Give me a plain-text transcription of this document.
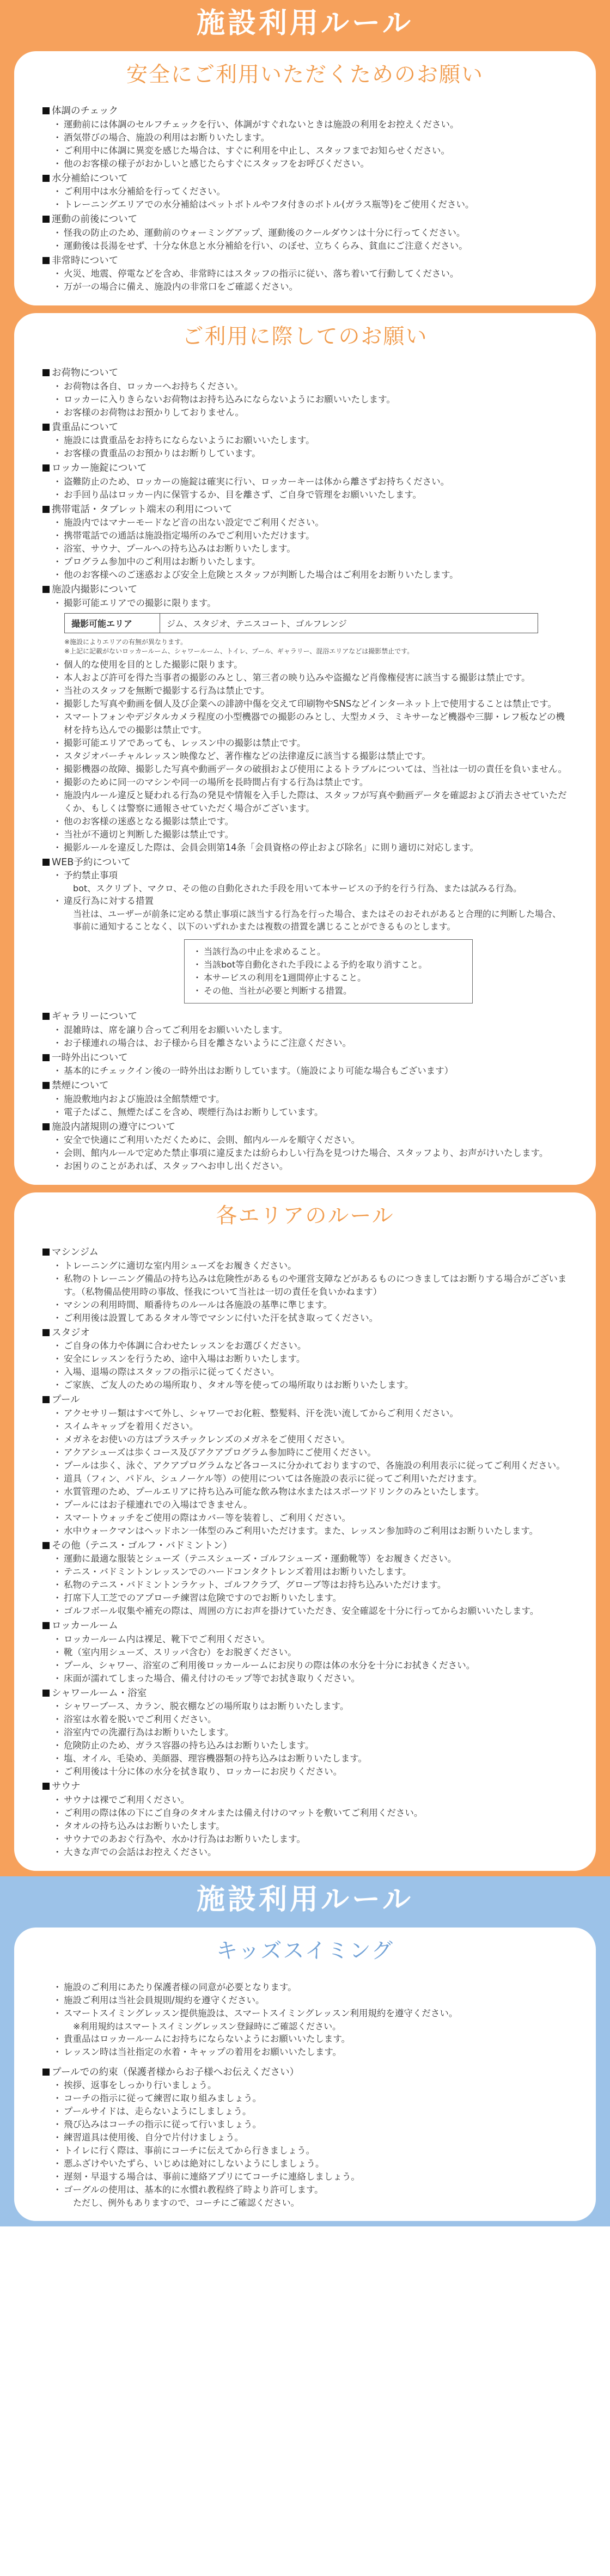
施設利用ルール
安全にご利用いただくためのお願い

体調のチェック

・ 運動前には体調のセルフチェックを行い、体調がすぐれないときは施設の利用をお控えください。
・ 酒気帯びの場合、施設の利用はお断りいたします。
・ ご利用中に体調に異変を感じた場合は、すぐに利用を中止し、スタッフまでお知らせください。
・ 他のお客様の様子がおかしいと感じたらすぐにスタッフをお呼びください。

水分補給について

・ ご利用中は水分補給を行ってください。
・ トレーニングエリアでの水分補給はペットボトルやフタ付きのボトル(ガラス瓶等)をご使用ください。

運動の前後について

・ 怪我の防止のため、運動前のウォーミングアップ、運動後のクールダウンは十分に行ってください。
・ 運動後は長湯をせず、十分な休息と水分補給を行い、のぼせ、立ちくらみ、貧血にご注意ください。

非常時について

・ 火災、地震、停電などを含め、非常時にはスタッフの指示に従い、落ち着いて行動してください。
・ 万が一の場合に備え、施設内の非常口をご確認ください。
ご利用に際してのお願い

お荷物について

・ お荷物は各自、ロッカーへお持ちください。
・ ロッカーに入りきらないお荷物はお持ち込みにならないようにお願いいたします。
・ お客様のお荷物はお預かりしておりません。

貴重品について

・ 施設には貴重品をお持ちにならないようにお願いいたします。
・ お客様の貴重品のお預かりはお断りしています。

ロッカー施錠について

・ 盗難防止のため、ロッカーの施錠は確実に行い、ロッカーキーは体から離さずお持ちください。
・ お手回り品はロッカー内に保管するか、目を離さず、ご自身で管理をお願いいたします。

携帯電話・タブレット端末の利用について

・ 施設内ではマナーモードなど音の出ない設定でご利用ください。
・ 携帯電話での通話は施設指定場所のみでご利用いただけます。
・ 浴室、サウナ、プールへの持ち込みはお断りいたします。
・ プログラム参加中のご利用はお断りいたします。
・ 他のお客様へのご迷惑および安全上危険とスタッフが判断した場合はご利用をお断りいたします。

施設内撮影について

・ 撮影可能エリアでの撮影に限ります。
撮影可能エリア	ジム、スタジオ、テニスコート、ゴルフレンジ
※施設によりエリアの有無が異なります。
※上記に記載がないロッカールーム、シャワールーム、トイレ、プール、ギャラリー、混浴エリアなどは撮影禁止です。
・ 個人的な使用を目的とした撮影に限ります。
・ 本人および許可を得た当事者の撮影のみとし、第三者の映り込みや盗撮など肖像権侵害に該当する撮影は禁止です。
・ 当社のスタッフを無断で撮影する行為は禁止です。
・ 撮影した写真や動画を個人及び企業への誹謗中傷を交えて印刷物やSNSなどインターネット上で使用することは禁止です。
・ スマートフォンやデジタルカメラ程度の小型機器での撮影のみとし、大型カメラ、ミキサーなど機器や三脚・レフ板などの機材を持ち込んでの撮影は禁止です。
・ 撮影可能エリアであっても、レッスン中の撮影は禁止です。
・ スタジオバーチャルレッスン映像など、著作権などの法律違反に該当する撮影は禁止です。
・ 撮影機器の故障、撮影した写真や動画データの破損および使用によるトラブルについては、当社は一切の責任を負いません。
・ 撮影のために同一のマシンや同一の場所を長時間占有する行為は禁止です。
・ 施設内ルール違反と疑われる行為の発見や情報を入手した際は、スタッフが写真や動画データを確認および消去させていただくか、もしくは警察に通報させていただく場合がございます。
・ 他のお客様の迷惑となる撮影は禁止です。
・ 当社が不適切と判断した撮影は禁止です。
・ 撮影ルールを違反した際は、会員会則第14条「会員資格の停止および除名」に則り適切に対応します。

WEB予約について

・ 予約禁止事項
bot、スクリプト、マクロ、その他の自動化された手段を用いて本サービスの予約を行う行為、または試みる行為。
・ 違反行為に対する措置
当社は、ユーザーが前条に定める禁止事項に該当する行為を行った場合、またはそのおそれがあると合理的に判断した場合、事前に通知することなく、以下のいずれかまたは複数の措置を講じることができるものとします。
・ 当該行為の中止を求めること。
・ 当該bot等自動化された手段による予約を取り消すこと。
・ 本サービスの利用を1週間停止すること。
・ その他、当社が必要と判断する措置。

ギャラリーについて

・ 混雑時は、席を譲り合ってご利用をお願いいたします。
・ お子様連れの場合は、お子様から目を離さないようにご注意ください。

一時外出について

・ 基本的にチェックイン後の一時外出はお断りしています。（施設により可能な場合もございます）

禁煙について

・ 施設敷地内および施設は全館禁煙です。
・ 電子たばこ、無煙たばこを含め、喫煙行為はお断りしています。

施設内諸規則の遵守について

・ 安全で快適にご利用いただくために、会則、館内ルールを順守ください。
・ 会則、館内ルールで定めた禁止事項に違反または紛らわしい行為を見つけた場合、スタッフより、お声がけいたします。
・ お困りのことがあれば、スタッフへお申し出ください。
各エリアのルール

マシンジム

・ トレーニングに適切な室内用シューズをお履きください。
・ 私物のトレーニング備品の持ち込みは危険性があるものや運営支障などがあるものにつきましてはお断りする場合がございます。（私物備品使用時の事故、怪我について当社は一切の責任を負いかねます）
・ マシンの利用時間、順番待ちのルールは各施設の基準に準じます。
・ ご利用後は設置してあるタオル等でマシンに付いた汗を拭き取ってください。

スタジオ

・ ご自身の体力や体調に合わせたレッスンをお選びください。
・ 安全にレッスンを行うため、途中入場はお断りいたします。
・ 入場、退場の際はスタッフの指示に従ってください。
・ ご家族、ご友人のための場所取り、タオル等を使っての場所取りはお断りいたします。

プール

・ アクセサリー類はすべて外し、シャワーでお化粧、整髪料、汗を洗い流してからご利用ください。
・ スイムキャップを着用ください。
・ メガネをお使いの方はプラスチックレンズのメガネをご使用ください。
・ アクアシューズは歩くコース及びアクアプログラム参加時にご使用ください。
・ プールは歩く、泳ぐ、アクアプログラムなど各コースに分かれておりますので、各施設の利用表示に従ってご利用ください。
・ 道具（フィン、パドル、シュノーケル等）の使用については各施設の表示に従ってご利用いただけます。
・ 水質管理のため、プールエリアに持ち込み可能な飲み物は水またはスポーツドリンクのみといたします。
・ プールにはお子様連れでの入場はできません。
・ スマートウォッチをご使用の際はカバー等を装着し、ご利用ください。
・ 水中ウォークマンはヘッドホン一体型のみご利用いただけます。また、レッスン参加時のご利用はお断りいたします。

その他（テニス・ゴルフ・バドミントン）

・ 運動に最適な服装とシューズ（テニスシューズ・ゴルフシューズ・運動靴等）をお履きください。
・ テニス・バドミントンレッスンでのハードコンタクトレンズ着用はお断りいたします。
・ 私物のテニス・バドミントンラケット、ゴルフクラブ、グローブ等はお持ち込みいただけます。
・ 打席下人工芝でのアプローチ練習は危険ですのでお断りいたします。
・ ゴルフボール収集や補充の際は、周囲の方にお声を掛けていただき、安全確認を十分に行ってからお願いいたします。

ロッカールーム

・ ロッカールーム内は裸足、靴下でご利用ください。
・ 靴（室内用シューズ、スリッパ含む）をお脱ぎください。
・ プール、シャワー、浴室のご利用後ロッカールームにお戻りの際は体の水分を十分にお拭きください。
・ 床面が濡れてしまった場合、備え付けのモップ等でお拭き取りください。

シャワールーム・浴室

・ シャワーブース、カラン、脱衣棚などの場所取りはお断りいたします。
・ 浴室は水着を脱いでご利用ください。
・ 浴室内での洗濯行為はお断りいたします。
・ 危険防止のため、ガラス容器の持ち込みはお断りいたします。
・ 塩、オイル、毛染め、美顔器、理容機器類の持ち込みはお断りいたします。
・ ご利用後は十分に体の水分を拭き取り、ロッカーにお戻りください。

サウナ

・ サウナは裸でご利用ください。
・ ご利用の際は体の下にご自身のタオルまたは備え付けのマットを敷いてご利用ください。
・ タオルの持ち込みはお断りいたします。
・ サウナでのあおぐ行為や、水かけ行為はお断りいたします。
・ 大きな声での会話はお控えください。
施設利用ルール
キッズスイミング
・ 施設のご利用にあたり保護者様の同意が必要となります。
・ 施設ご利用は当社会員規則/規約を遵守ください。
・ スマートスイミングレッスン提供施設は、スマートスイミングレッスン利用規約を遵守ください。
※利用規約はスマートスイミングレッスン登録時にご確認ください。
・ 貴重品はロッカールームにお持ちにならないようにお願いいたします。
・ レッスン時は当社指定の水着・キャップの着用をお願いいたします。

プールでの約束（保護者様からお子様へお伝えください）

・ 挨拶、返事をしっかり行いましょう。
・ コーチの指示に従って練習に取り組みましょう。
・ プールサイドは、走らないようにしましょう。
・ 飛び込みはコーチの指示に従って行いましょう。
・ 練習道具は使用後、自分で片付けましょう。
・ トイレに行く際は、事前にコーチに伝えてから行きましょう。
・ 悪ふざけやいたずら、いじめは絶対にしないようにしましょう。
・ 遅刻・早退する場合は、事前に連絡アプリにてコーチに連絡しましょう。
・ ゴーグルの使用は、基本的に水慣れ教程終了時より許可します。
ただし、例外もありますので、コーチにご確認ください。
